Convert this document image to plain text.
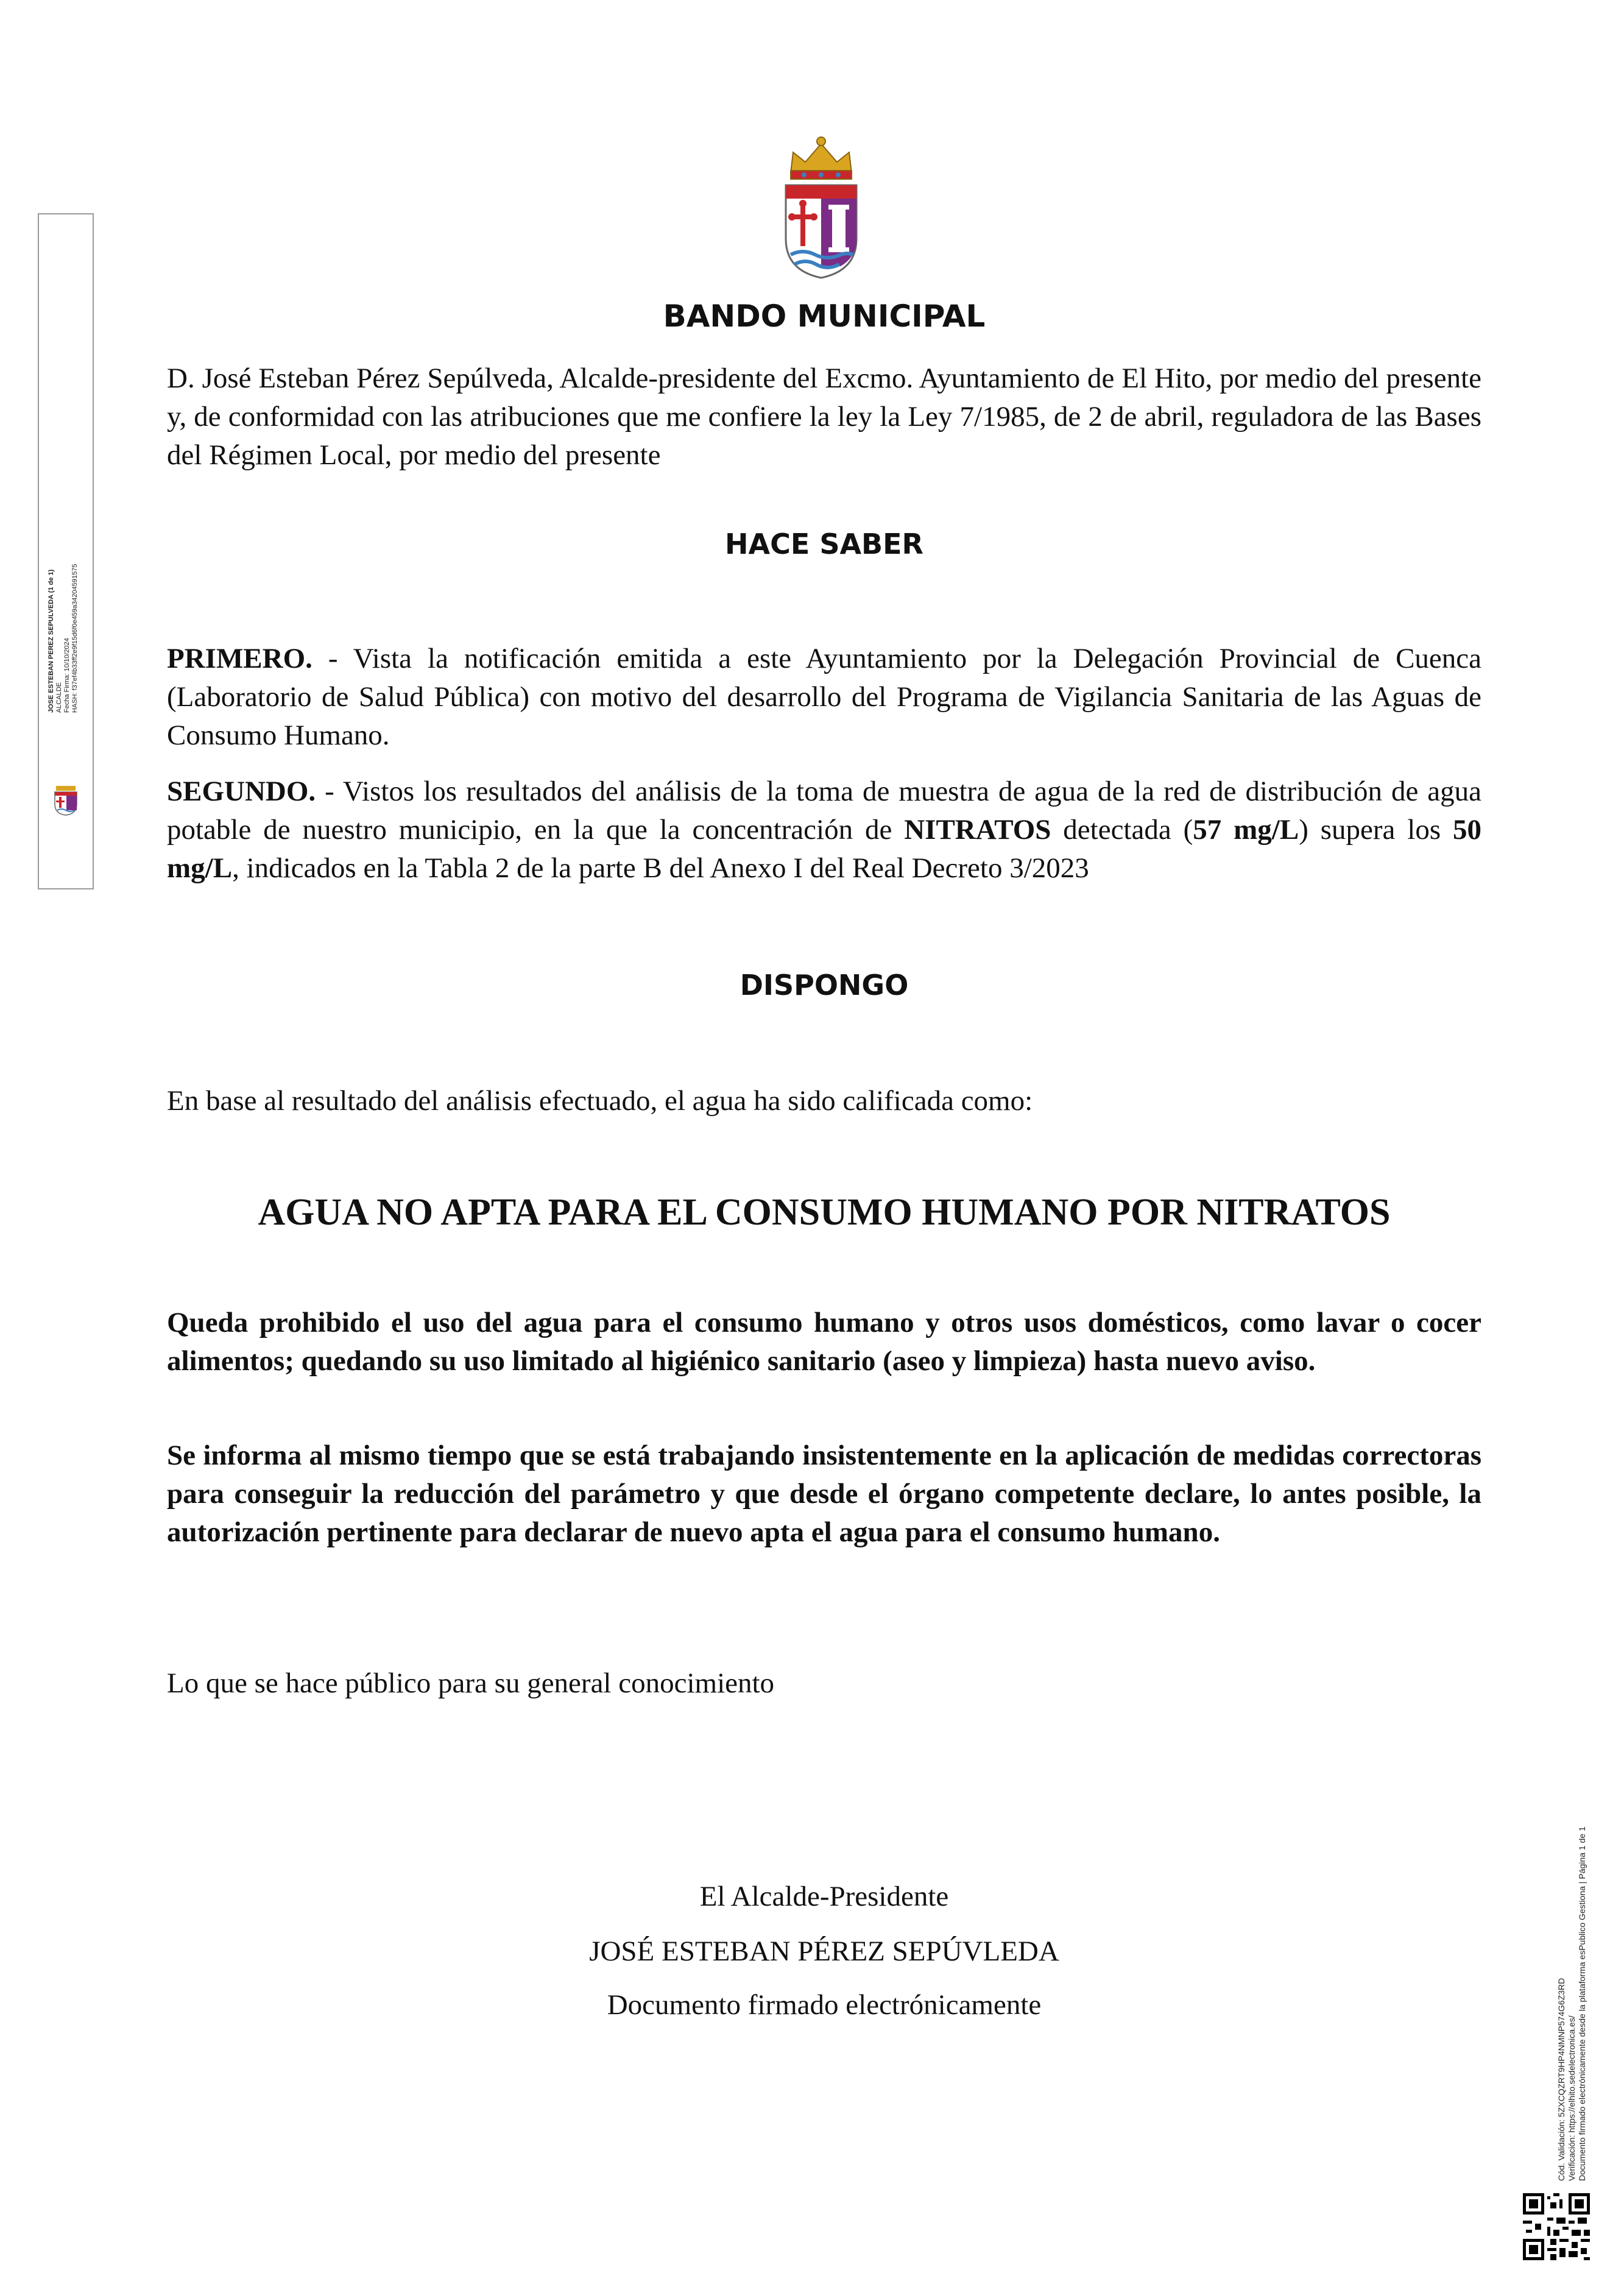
BANDO MUNICIPAL

D. José Esteban Pérez Sepúlveda, Alcalde-presidente del Excmo. Ayuntamiento de El Hito, por medio del presente y, de conformidad con las atribuciones que me confiere la ley la Ley 7/1985, de 2 de abril, reguladora de las Bases del Régimen Local, por medio del presente

HACE SABER

PRIMERO. - Vista la notificación emitida a este Ayuntamiento por la Delegación Provincial de Cuenca (Laboratorio de Salud Pública) con motivo del desarrollo del Programa de Vigilancia Sanitaria de las Aguas de Consumo Humano.

SEGUNDO. - Vistos los resultados del análisis de la toma de muestra de agua de la red de distribución de agua potable de nuestro municipio, en la que la concentración de NITRATOS detectada (57 mg/L) supera los 50 mg/L, indicados en la Tabla 2 de la parte B del Anexo I del Real Decreto 3/2023

DISPONGO

En base al resultado del análisis efectuado, el agua ha sido calificada como:

AGUA NO APTA PARA EL CONSUMO HUMANO POR NITRATOS

Queda prohibido el uso del agua para el consumo humano y otros usos domésticos, como lavar o cocer alimentos; quedando su uso limitado al higiénico sanitario (aseo y limpieza) hasta nuevo aviso.

Se informa al mismo tiempo que se está trabajando insistentemente en la aplicación de medidas correctoras para conseguir la reducción del parámetro y que desde el órgano competente declare, lo antes posible, la autorización pertinente para declarar de nuevo apta el agua para el consumo humano.

Lo que se hace público para su general conocimiento

El Alcalde-Presidente
JOSÉ ESTEBAN PÉREZ SEPÚVLEDA
Documento firmado electrónicamente
JOSE ESTEBAN PEREZ SEPULVEDA (1 de 1) ALCALDE Fecha Firma: 10/10/2024 HASH: f37ef4b33ff2e9f15d6f0e459a34204591575
Cód. Validación: 5ZXCQZRT9HP4NMNP574G6Z3RD Verificación: https://elhito.sedelectronica.es/ Documento firmado electrónicamente desde la plataforma esPublico Gestiona | Página 1 de 1
